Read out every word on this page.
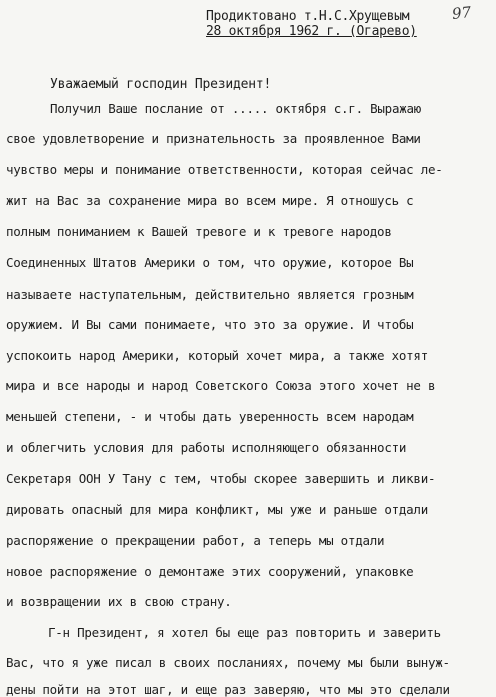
Продиктовано т.Н.С.Хрущевым
28 октября 1962 г. (Огарево)
97
Уважаемый господин Президент!
Получил Ваше послание от ..... октября с.г. Выражаю
свое удовлетворение и признательность за проявленное Вами
чувство меры и понимание ответственности, которая сейчас ле-
жит на Вас за сохранение мира во всем мире. Я отношусь с
полным пониманием к Вашей тревоге и к тревоге народов
Соединенных Штатов Америки о том, что оружие, которое Вы
называете наступательным, действительно является грозным
оружием. И Вы сами понимаете, что это за оружие. И чтобы
успокоить народ Америки, который хочет мира, а также хотят
мира и все народы и народ Советского Союза этого хочет не в
меньшей степени, - и чтобы дать уверенность всем народам
и облегчить условия для работы исполняющего обязанности
Секретаря ООН У Тану с тем, чтобы скорее завершить и ликви-
дировать опасный для мира конфликт, мы уже и раньше отдали
распоряжение о прекращении работ, а теперь мы отдали
новое распоряжение о демонтаже этих сооружений, упаковке
и возвращении их в свою страну.
Г-н Президент, я хотел бы еще раз повторить и заверить
Вас, что я уже писал в своих посланиях, почему мы были вынуж-
дены пойти на этот шаг, и еще раз заверяю, что мы это сделали
